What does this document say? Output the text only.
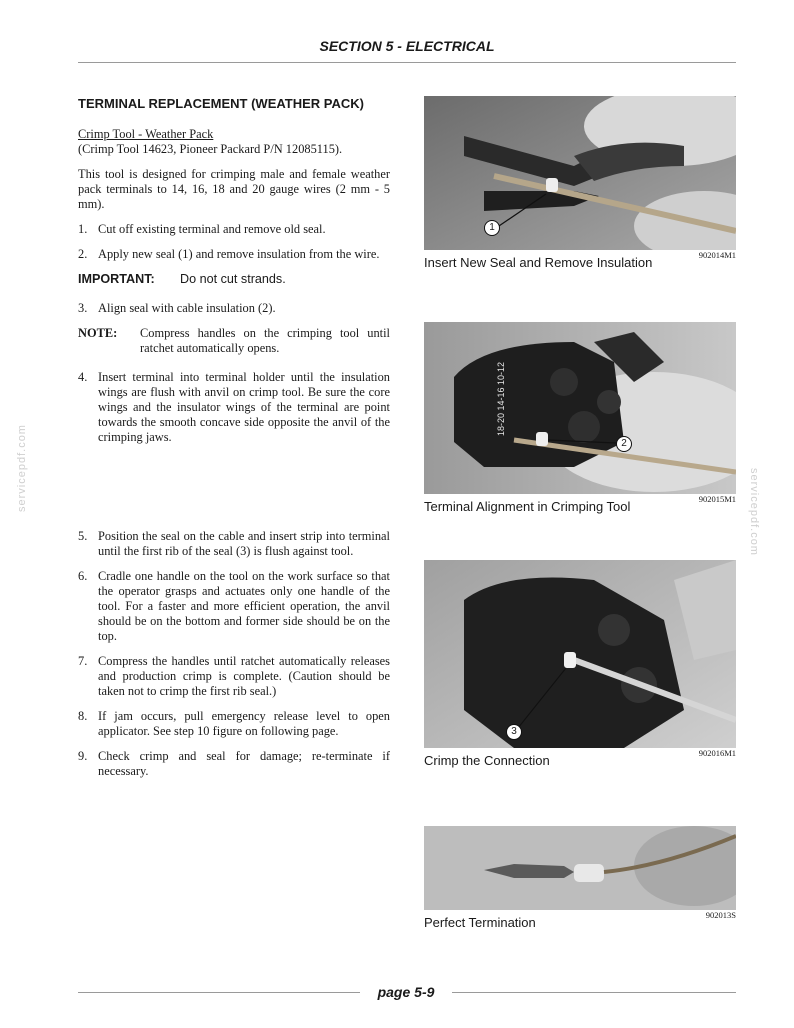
SECTION 5 - ELECTRICAL
TERMINAL REPLACEMENT (WEATHER PACK)
Crimp Tool - Weather Pack
(Crimp Tool 14623, Pioneer Packard P/N 12085115).
This tool is designed for crimping male and female weather pack terminals to 14, 16, 18 and 20 gauge wires (2 mm - 5 mm).
1. Cut off existing terminal and remove old seal.
2. Apply new seal (1) and remove insulation from the wire.
IMPORTANT:	Do not cut strands.
3. Align seal with cable insulation (2).
NOTE:	Compress handles on the crimping tool until ratchet automatically opens.
4. Insert terminal into terminal holder until the insulation wings are flush with anvil on crimp tool. Be sure the core wings and the insulator wings of the terminal are point towards the smooth concave side opposite the anvil of the crimping jaws.
5. Position the seal on the cable and insert strip into terminal until the first rib of the seal (3) is flush against tool.
6. Cradle one handle on the tool on the work surface so that the operator grasps and actuates only one handle of the tool. For a faster and more efficient operation, the anvil should be on the bottom and former side should be on the top.
7. Compress the handles until ratchet automatically releases and production crimp is complete. (Caution should be taken not to crimp the first rib seal.)
8. If jam occurs, pull emergency release level to open applicator. See step 10 figure on following page.
9. Check crimp and seal for damage; re-terminate if necessary.
1
Insert New Seal and Remove Insulation	902014M1
2
18-20 14-16 10-12
Terminal Alignment in Crimping Tool	902015M1
3
Crimp the Connection	902016M1
Perfect Termination	902013S
servicepdf.com	servicepdf.com
page 5-9
